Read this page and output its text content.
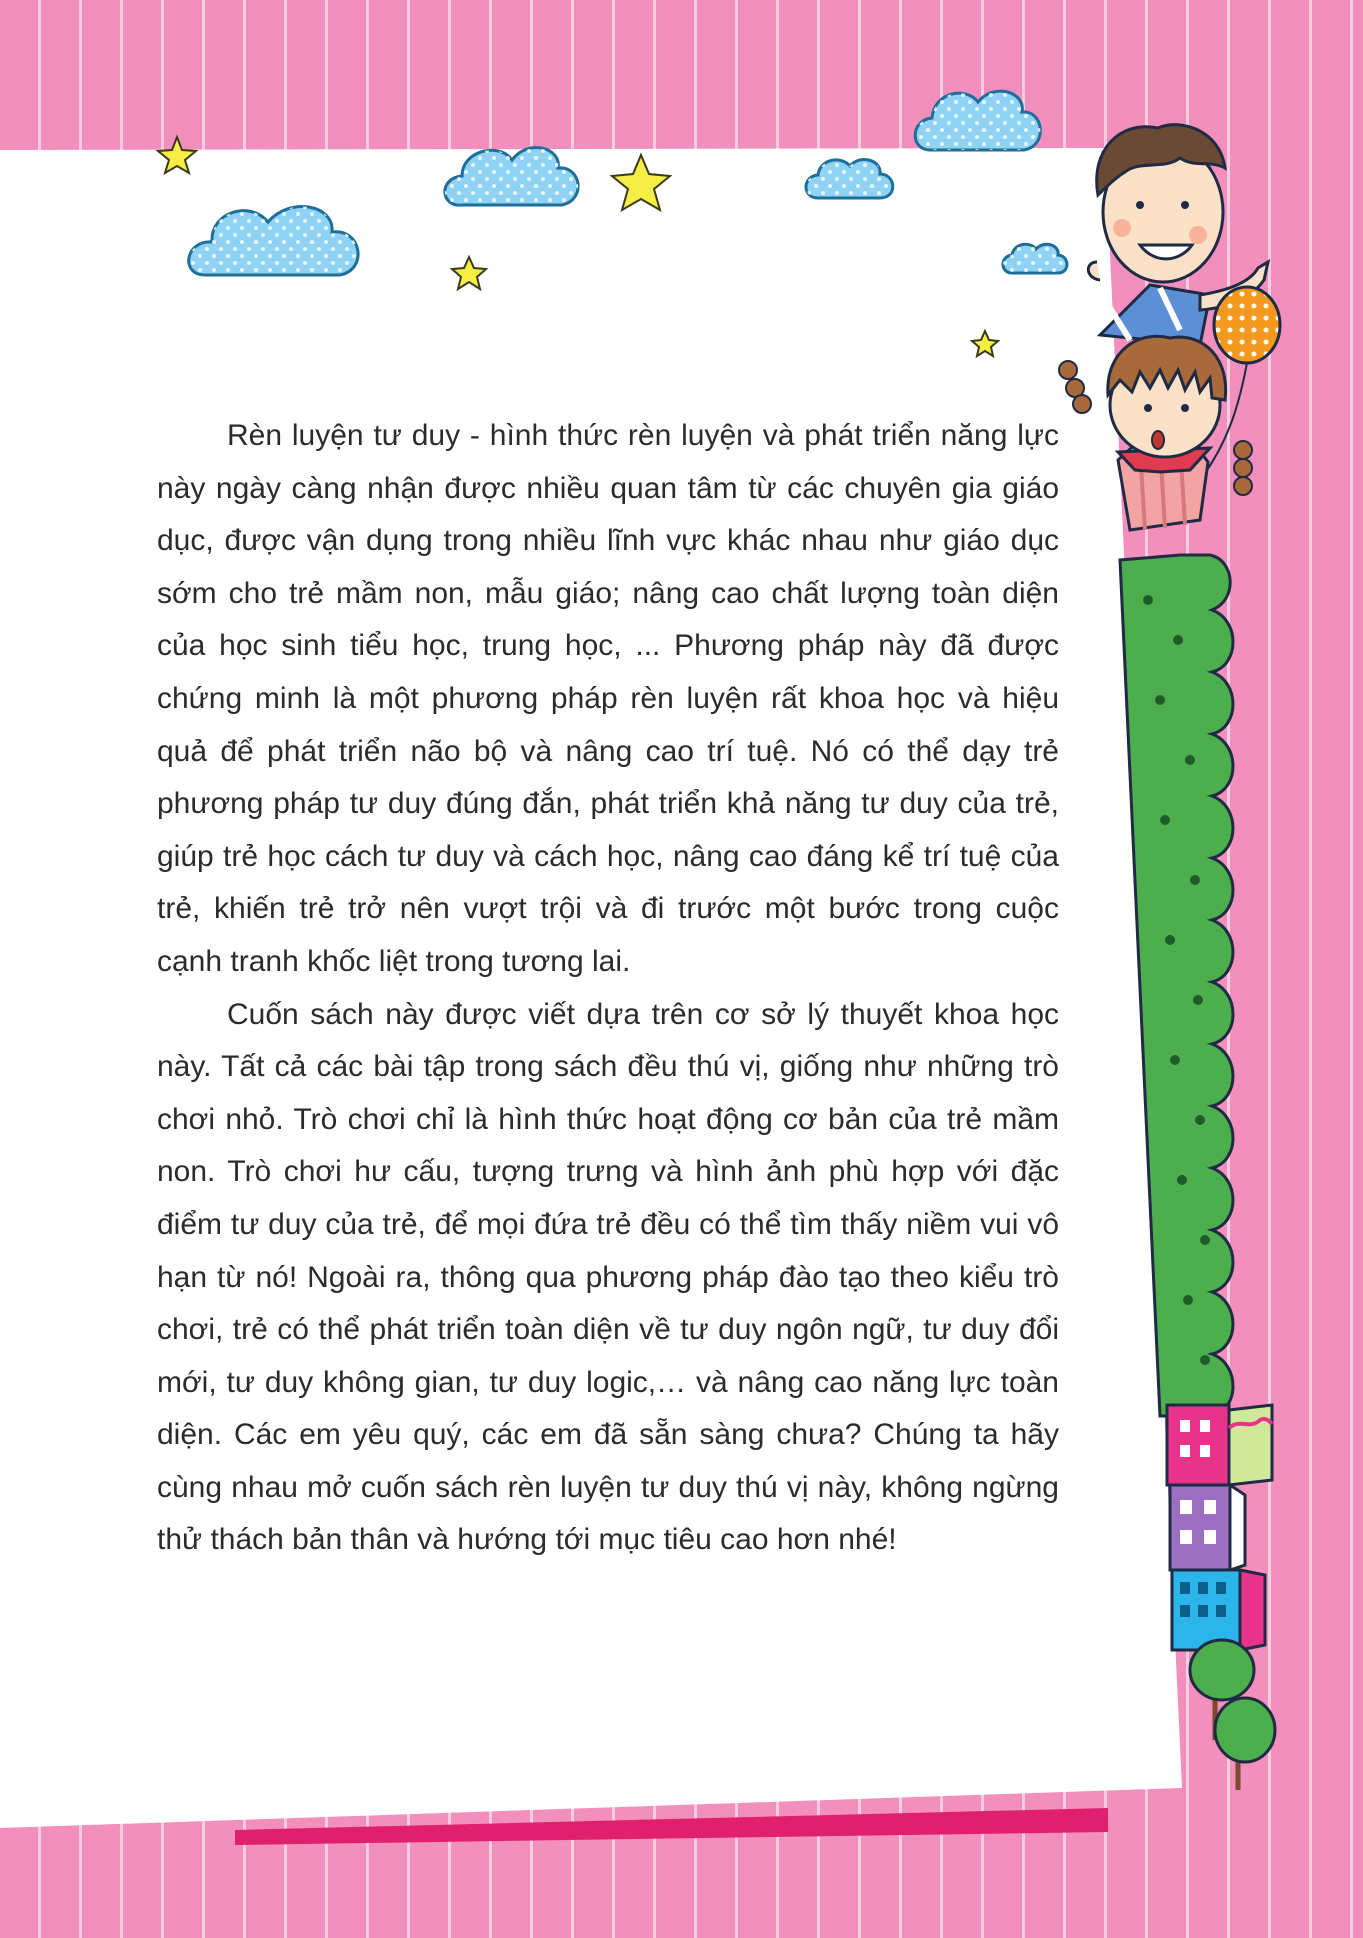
Rèn luyện tư duy - hình thức rèn luyện và phát triển năng lực này ngày càng nhận được nhiều quan tâm từ các chuyên gia giáo dục, được vận dụng trong nhiều lĩnh vực khác nhau như giáo dục sớm cho trẻ mầm non, mẫu giáo; nâng cao chất lượng toàn diện của học sinh tiểu học, trung học, ... Phương pháp này đã được chứng minh là một phương pháp rèn luyện rất khoa học và hiệu quả để phát triển não bộ và nâng cao trí tuệ. Nó có thể dạy trẻ phương pháp tư duy đúng đắn, phát triển khả năng tư duy của trẻ, giúp trẻ học cách tư duy và cách học, nâng cao đáng kể trí tuệ của trẻ, khiến trẻ trở nên vượt trội và đi trước một bước trong cuộc cạnh tranh khốc liệt trong tương lai.

Cuốn sách này được viết dựa trên cơ sở lý thuyết khoa học này. Tất cả các bài tập trong sách đều thú vị, giống như những trò chơi nhỏ. Trò chơi chỉ là hình thức hoạt động cơ bản của trẻ mầm non. Trò chơi hư cấu, tượng trưng và hình ảnh phù hợp với đặc điểm tư duy của trẻ, để mọi đứa trẻ đều có thể tìm thấy niềm vui vô hạn từ nó! Ngoài ra, thông qua phương pháp đào tạo theo kiểu trò chơi, trẻ có thể phát triển toàn diện về tư duy ngôn ngữ, tư duy đổi mới, tư duy không gian, tư duy logic,… và nâng cao năng lực toàn diện. Các em yêu quý, các em đã sẵn sàng chưa? Chúng ta hãy cùng nhau mở cuốn sách rèn luyện tư duy thú vị này, không ngừng thử thách bản thân và hướng tới mục tiêu cao hơn nhé!
